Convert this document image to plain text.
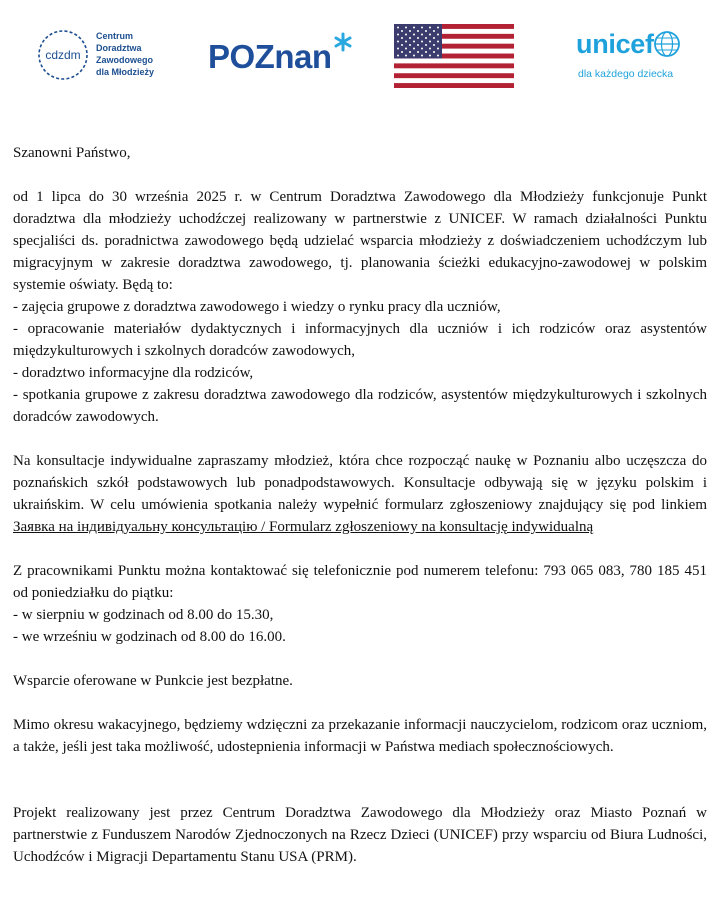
cdzdm
Centrum
Doradztwa
Zawodowego
dla Młodzieży POZnan	unicef
dla każdego dziecka

Szanowni Państwo,

od 1 lipca do 30 września 2025 r. w Centrum Doradztwa Zawodowego dla Młodzieży funkcjonuje Punkt doradztwa dla młodzieży uchodźczej realizowany w partnerstwie z UNICEF. W ramach działalności Punktu specjaliści ds. poradnictwa zawodowego będą udzielać wsparcia młodzieży z doświadczeniem uchodźczym lub migracyjnym w zakresie doradztwa zawodowego, tj. planowania ścieżki edukacyjno-zawodowej w polskim systemie oświaty. Będą to:

- zajęcia grupowe z doradztwa zawodowego i wiedzy o rynku pracy dla uczniów,

- opracowanie materiałów dydaktycznych i informacyjnych dla uczniów i ich rodziców oraz asystentów międzykulturowych i szkolnych doradców zawodowych,

- doradztwo informacyjne dla rodziców,

- spotkania grupowe z zakresu doradztwa zawodowego dla rodziców, asystentów międzykulturowych i szkolnych doradców zawodowych.

Na konsultacje indywidualne zapraszamy młodzież, która chce rozpocząć naukę w Poznaniu albo uczęszcza do poznańskich szkół podstawowych lub ponadpodstawowych. Konsultacje odbywają się w języku polskim i ukraińskim. W celu umówienia spotkania należy wypełnić formularz zgłoszeniowy znajdujący się pod linkiem Заявка на індивідуальну консультацію / Formularz zgłoszeniowy na konsultację indywidualną

Z pracownikami Punktu można kontaktować się telefonicznie pod numerem telefonu: 793 065 083, 780 185 451 od poniedziałku do piątku:

- w sierpniu w godzinach od 8.00 do 15.30,

- we wrześniu w godzinach od 8.00 do 16.00.

Wsparcie oferowane w Punkcie jest bezpłatne.

Mimo okresu wakacyjnego, będziemy wdzięczni za przekazanie informacji nauczycielom, rodzicom oraz uczniom, a także, jeśli jest taka możliwość, udostepnienia informacji w Państwa mediach społecznościowych.

Projekt realizowany jest przez Centrum Doradztwa Zawodowego dla Młodzieży oraz Miasto Poznań w partnerstwie z Funduszem Narodów Zjednoczonych na Rzecz Dzieci (UNICEF) przy wsparciu od Biura Ludności, Uchodźców i Migracji Departamentu Stanu USA (PRM).
